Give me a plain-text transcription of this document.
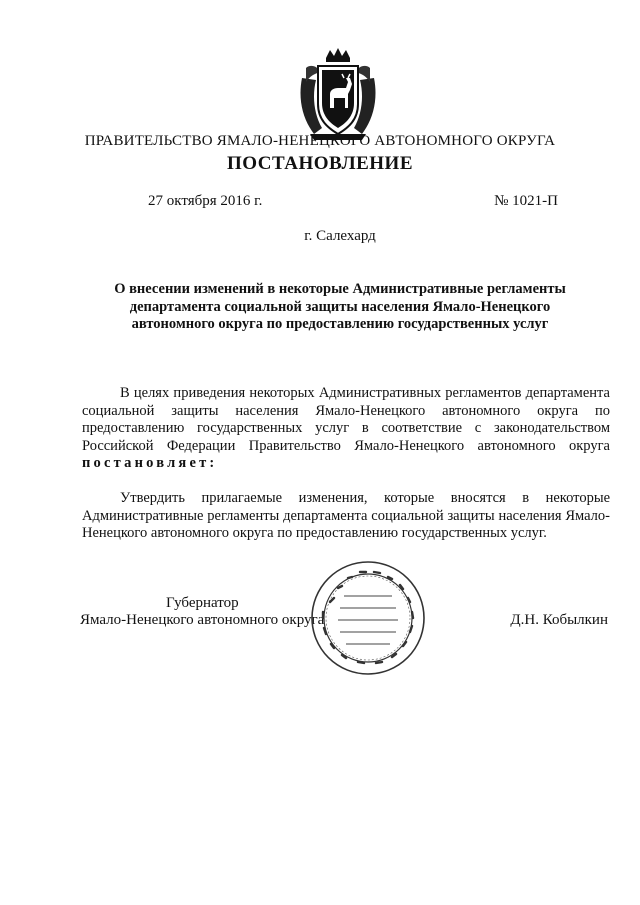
ПРАВИТЕЛЬСТВО ЯМАЛО-НЕНЕЦКОГО АВТОНОМНОГО ОКРУГА
ПОСТАНОВЛЕНИЕ
27 октября 2016 г.	№ 1021-П
г. Салехард
О внесении изменений в некоторые Административные регламенты департамента социальной защиты населения Ямало-Ненецкого автономного округа по предоставлению государственных услуг
В целях приведения некоторых Административных регламентов департамента социальной защиты населения Ямало-Ненецкого автономного округа по предоставлению государственных услуг в соответствие с законодательством Российской Федерации Правительство Ямало-Ненецкого автономного округа постановляет:
Утвердить прилагаемые изменения, которые вносятся в некоторые Административные регламенты департамента социальной защиты населения Ямало-Ненецкого автономного округа по предоставлению государственных услуг.
Губернатор
Ямало-Ненецкого автономного округа	Д.Н. Кобылкин
